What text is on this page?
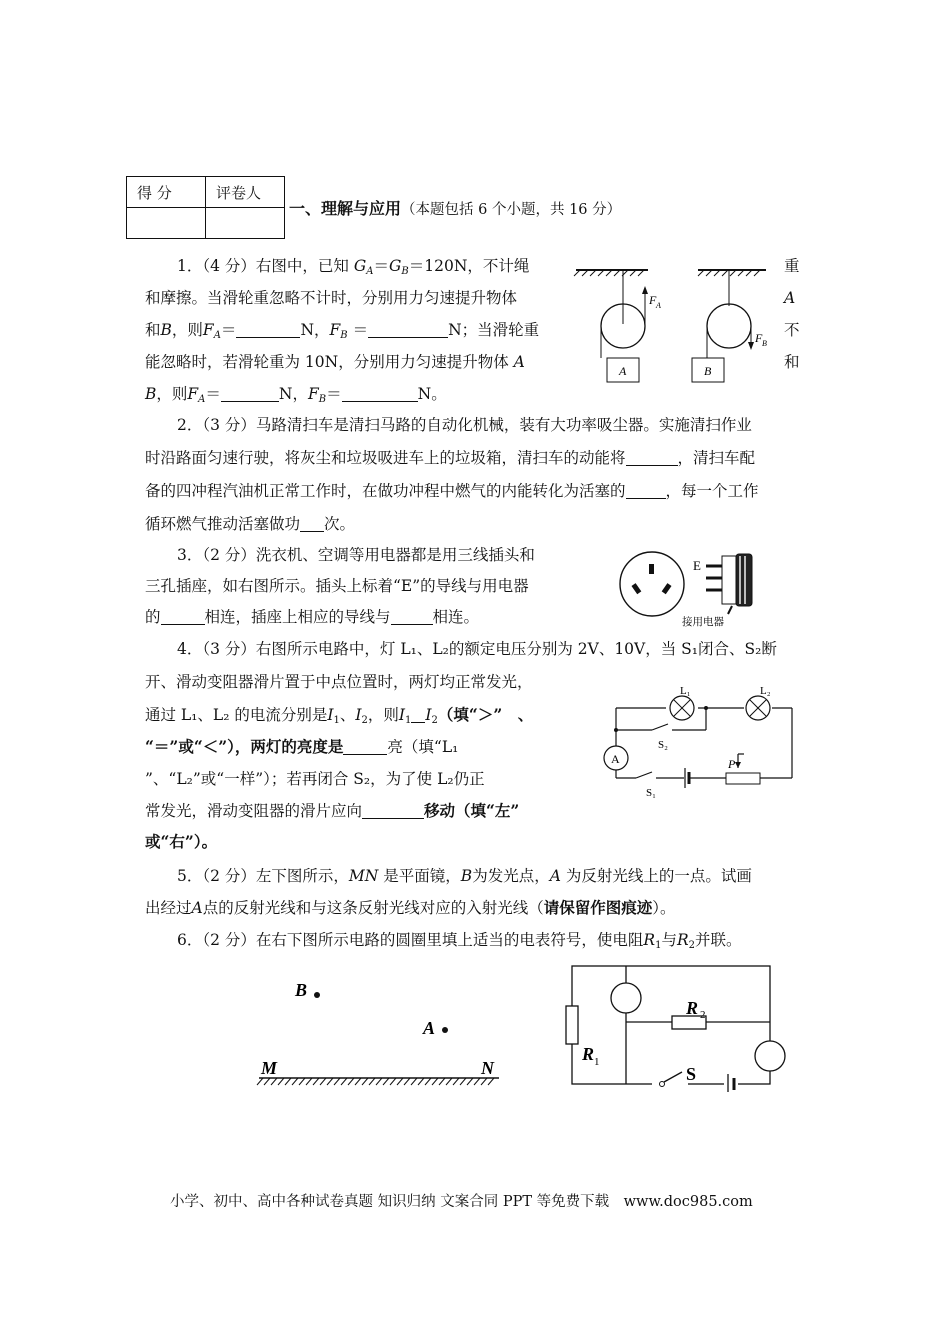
得 分	评卷人

一、理解与应用（本题包括 6 个小题，共 16 分）
1．（4 分）右图中，已知 $G_A=G_B=120N$，不计绳	重
和摩擦。当滑轮重忽略不计时，分别用力匀速提升物体	A
和B，则$F_A=$	N，$F_B$ ＝	N；当滑轮重	不
能忽略时，若滑轮重为 10N，分别用力匀速提升物体 A	和
B，则$F_A=$	N，$F_B=$	N。
F A
A
F B
B
2．（3 分）马路清扫车是清扫马路的自动化机械，装有大功率吸尘器。实施清扫作业
时沿路面匀速行驶，将灰尘和垃圾吸进车上的垃圾箱，清扫车的动能将	，清扫车配
备的四冲程汽油机正常工作时，在做功冲程中燃气的内能转化为活塞的	，每一个工作
循环燃气推动活塞做功 次。
3．（2 分）洗衣机、空调等用电器都是用三线插头和
三孔插座，如右图所示。插头上标着“E”的导线与用电器
的	相连，插座上相应的导线与	相连。
E
接用电器
4．（3 分）右图所示电路中，灯 L₁、L₂的额定电压分别为 2V、10V，当 S₁闭合、S₂断
开、滑动变阻器滑片置于中点位置时，两灯均正常发光，
通过 L₁、L₂ 的电流分别是$I_1$、$I_2$，则$I_1$ $I_2$（填“＞”　、
“＝”或“＜”），两灯的亮度是	亮（填“L₁
”、“L₂”或“一样”）；若再闭合 S₂，为了使 L₂仍正
常发光，滑动变阻器的滑片应向	移动（填“左”
或“右”）。
A
L₁	L₂
S₂
S₁
P
5．（2 分）左下图所示，MN 是平面镜，B为发光点，A 为反射光线上的一点。试画
出经过A点的反射光线和与这条反射光线对应的入射光线（请保留作图痕迹）。
B
A
M	N
6．（2 分）在右下图所示电路的圆圈里填上适当的电表符号，使电阻$R_1$与$R_2$并联。
S
R 2
R 1
小学、初中、高中各种试卷真题 知识归纳 文案合同 PPT 等免费下载　www.doc985.com
